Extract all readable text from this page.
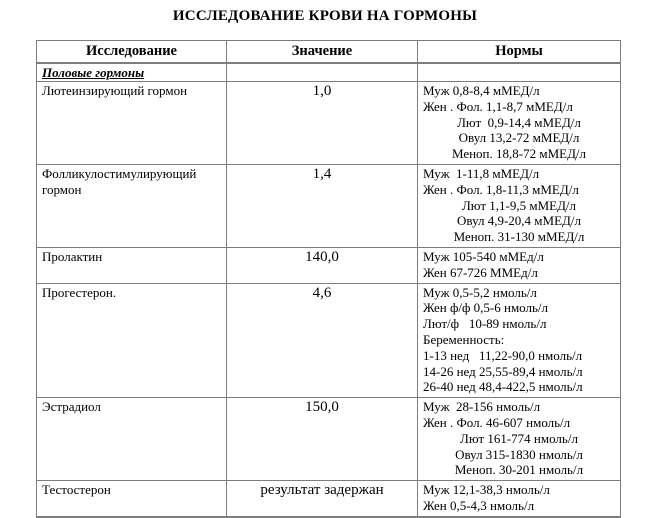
ИССЛЕДОВАНИЕ КРОВИ НА ГОРМОНЫ
Исследование	Значение	Нормы
Половые гормоны		
Лютеинзирующий гормон	1,0	Муж 0,8-8,4 мМЕД/л
Жен . Фол. 1,1-8,7 мМЕД/л
Лют  0,9-14,4 мМЕД/л
Овул 13,2-72 мМЕД/л
Меноп. 18,8-72 мМЕД/л

Фолликулостимулирующий гормон	1,4	Муж  1-11,8 мМЕД/л
Жен . Фол. 1,8-11,3 мМЕД/л
Лют 1,1-9,5 мМЕД/л
Овул 4,9-20,4 мМЕД/л
Меноп. 31-130 мМЕД/л

Пролактин	140,0	Муж 105-540 мМЕд/л
Жен 67-726 ММЕд/л

Прогестерон.	4,6	Муж 0,5-5,2 нмоль/л
Жен ф/ф 0,5-6 нмоль/л
Лют/ф   10-89 нмоль/л
Беременность:
1-13 нед   11,22-90,0 нмоль/л
14-26 нед 25,55-89,4 нмоль/л
26-40 нед 48,4-422,5 нмоль/л

Эстрадиол	150,0	Муж  28-156 нмоль/л
Жен . Фол. 46-607 нмоль/л
Лют 161-774 нмоль/л
Овул 315-1830 нмоль/л
Меноп. 30-201 нмоль/л

Тестостерон	результат задержан	Муж 12,1-38,3 нмоль/л
Жен 0,5-4,3 нмоль/л
